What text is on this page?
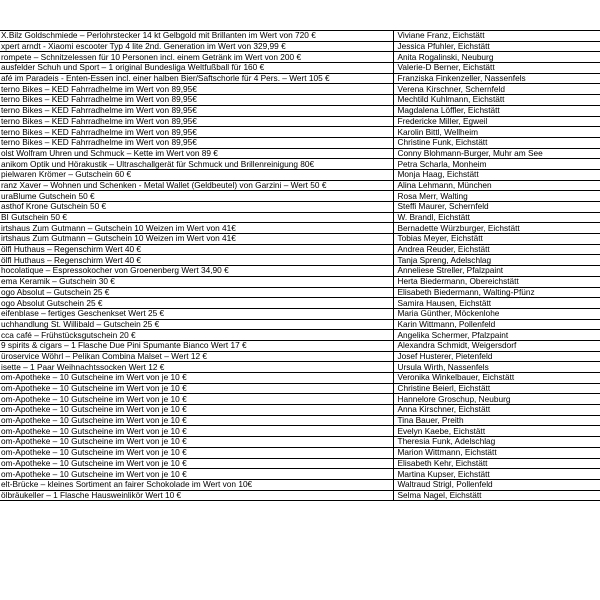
X.Bilz Goldschmiede – Perlohrstecker 14 kt Gelbgold mit Brillanten im Wert von 720 €	Viviane Franz, Eichstätt
xpert arndt - Xiaomi escooter Typ 4 lite 2nd. Generation im Wert von 329,99 €	Jessica Pfuhler, Eichstätt
rompete – Schnitzelessen für 10 Personen incl. einem Getränk im Wert von 200 €	Anita Rogalinski, Neuburg
ausfelder Schuh und Sport – 1 original Bundesliga Weltfußball für 160 €	Valerie-D Berner, Eichstätt
afé im Paradeis - Enten-Essen incl. einer halben Bier/Saftschorle für 4 Pers. – Wert 105 €	Franziska Finkenzeller, Nassenfels
terno Bikes – KED Fahrradhelme im Wert von 89,95€	Verena Kirschner, Schernfeld
terno Bikes – KED Fahrradhelme im Wert von 89,95€	Mechtild Kuhlmann, Eichstätt
terno Bikes – KED Fahrradhelme im Wert von 89,95€	Magdalena Löffler, Eichstätt
terno Bikes – KED Fahrradhelme im Wert von 89,95€	Fredericke Miller, Egweil
terno Bikes – KED Fahrradhelme im Wert von 89,95€	Karolin Bittl, Wellheim
terno Bikes – KED Fahrradhelme im Wert von 89,95€	Christine Funk, Eichstätt
olst Wolfram Uhren und Schmuck – Kette im Wert von 89 €	Conny Blohmann-Burger, Muhr am See
anikom Optik und Hörakustik – Ultraschallgerät für Schmuck und Brillenreinigung 80€	Petra Scharla, Monheim
pielwaren Krömer – Gutschein 60 €	Monja Haag, Eichstätt
ranz Xaver – Wohnen und Schenken - Metal Wallet (Geldbeutel) von Garzini – Wert 50 €	Alina Lehmann, München
uraBlume Gutschein 50 €	Rosa Merr, Walting
asthof Krone Gutschein 50 €	Steffi Maurer, Schernfeld
BI Gutschein 50 €	W. Brandl, Eichstätt
irtshaus Zum Gutmann – Gutschein 10 Weizen im Wert von 41€	Bernadette Würzburger, Eichstätt
irtshaus Zum Gutmann – Gutschein 10 Weizen im Wert von 41€	Tobias Meyer, Eichstätt
ölfl Huthaus – Regenschirm Wert 40 €	Andrea Reuder, Eichstätt
ölfl Huthaus – Regenschirm Wert 40 €	Tanja Spreng, Adelschlag
hocolatique – Espressokocher von Groenenberg Wert 34,90 €	Anneliese Streller, Pfalzpaint
ema Keramik – Gutschein 30 €	Herta Biedermann, Obereichstätt
ogo Absolut – Gutschein 25 €	Elisabeth Biedermann, Walting-Pfünz
ogo Absolut Gutschein 25 €	Samira Hausen, Eichstätt
eifenblase – fertiges Geschenkset Wert 25 €	Maria Günther, Möckenlohe
uchhandlung St. Willibald – Gutschein 25 €	Karin Wittmann, Pollenfeld
cca café – Frühstücksgutschein 20 €	Angelika Schermer, Pfalzpaint
9 spirits & cigars – 1 Flasche Due Pini Spumante Bianco Wert 17 €	Alexandra Schmidt, Weigersdorf
üroservice Wöhrl – Pelikan Combina Malset – Wert 12 €	Josef Husterer, Pietenfeld
isette – 1 Paar Weihnachtssocken Wert 12 €	Ursula Wirth, Nassenfels
om-Apotheke – 10 Gutscheine im Wert von je 10 €	Veronika Winkelbauer, Eichstätt
om-Apotheke – 10 Gutscheine im Wert von je 10 €	Christine Beierl, Eichstätt
om-Apotheke – 10 Gutscheine im Wert von je 10 €	Hannelore Groschup, Neuburg
om-Apotheke – 10 Gutscheine im Wert von je 10 €	Anna Kirschner, Eichstätt
om-Apotheke – 10 Gutscheine im Wert von je 10 €	Tina Bauer, Preith
om-Apotheke – 10 Gutscheine im Wert von je 10 €	Evelyn Kaebe, Eichstätt
om-Apotheke – 10 Gutscheine im Wert von je 10 €	Theresia Funk, Adelschlag
om-Apotheke – 10 Gutscheine im Wert von je 10 €	Marion Wittmann, Eichstätt
om-Apotheke – 10 Gutscheine im Wert von je 10 €	Elisabeth Kehr, Eichstätt
om-Apotheke – 10 Gutscheine im Wert von je 10 €	Martina Kupser, Eichstätt
elt-Brücke – kleines Sortiment an fairer Schokolade im Wert von 10€	Waltraud Strigl, Pollenfeld
ölbräukeller – 1 Flasche Hausweinlikör Wert 10 €	Selma Nagel, Eichstätt
